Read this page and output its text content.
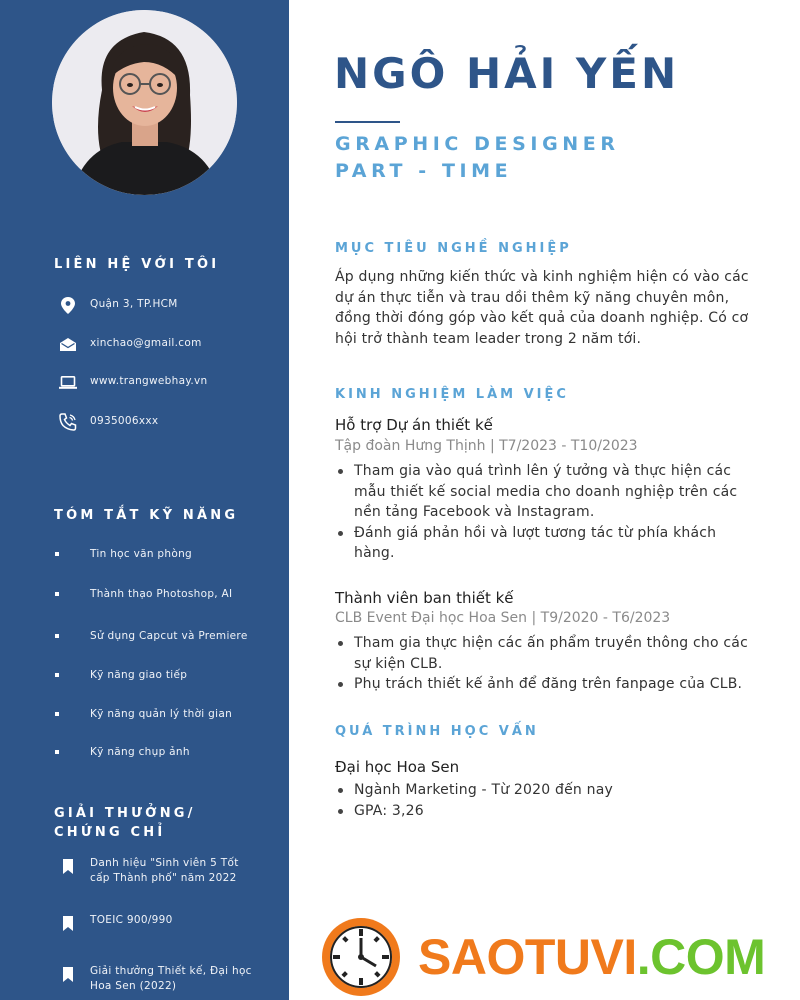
LIÊN HỆ VỚI TÔI
Quận 3, TP.HCM
xinchao@gmail.com
www.trangwebhay.vn
0935006xxx
TÓM TẮT KỸ NĂNG
Tin học văn phòng
Thành thạo Photoshop, AI
Sử dụng Capcut và Premiere
Kỹ năng giao tiếp
Kỹ năng quản lý thời gian
Kỹ năng chụp ảnh
GIẢI THƯỞNG/
CHỨNG CHỈ
Danh hiệu "Sinh viên 5 Tốt cấp Thành phố" năm 2022
TOEIC 900/990
Giải thưởng Thiết kế, Đại học Hoa Sen (2022)
NGÔ HẢI YẾN
GRAPHIC DESIGNER
PART - TIME
MỤC TIÊU NGHỀ NGHIỆP

Áp dụng những kiến thức và kinh nghiệm hiện có vào các dự án thực tiễn và trau dồi thêm kỹ năng chuyên môn, đồng thời đóng góp vào kết quả của doanh nghiệp. Có cơ hội trở thành team leader trong 2 năm tới.

KINH NGHIỆM LÀM VIỆC
Hỗ trợ Dự án thiết kế
Tập đoàn Hưng Thịnh | T7/2023 - T10/2023
Tham gia vào quá trình lên ý tưởng và thực hiện các mẫu thiết kế social media cho doanh nghiệp trên các nền tảng Facebook và Instagram.
Đánh giá phản hồi và lượt tương tác từ phía khách hàng.
Thành viên ban thiết kế
CLB Event Đại học Hoa Sen | T9/2020 - T6/2023
Tham gia thực hiện các ấn phẩm truyền thông cho các sự kiện CLB.
Phụ trách thiết kế ảnh để đăng trên fanpage của CLB.
QUÁ TRÌNH HỌC VẤN
Đại học Hoa Sen
Ngành Marketing - Từ 2020 đến nay
GPA: 3,26
SAOTUVI.COM
